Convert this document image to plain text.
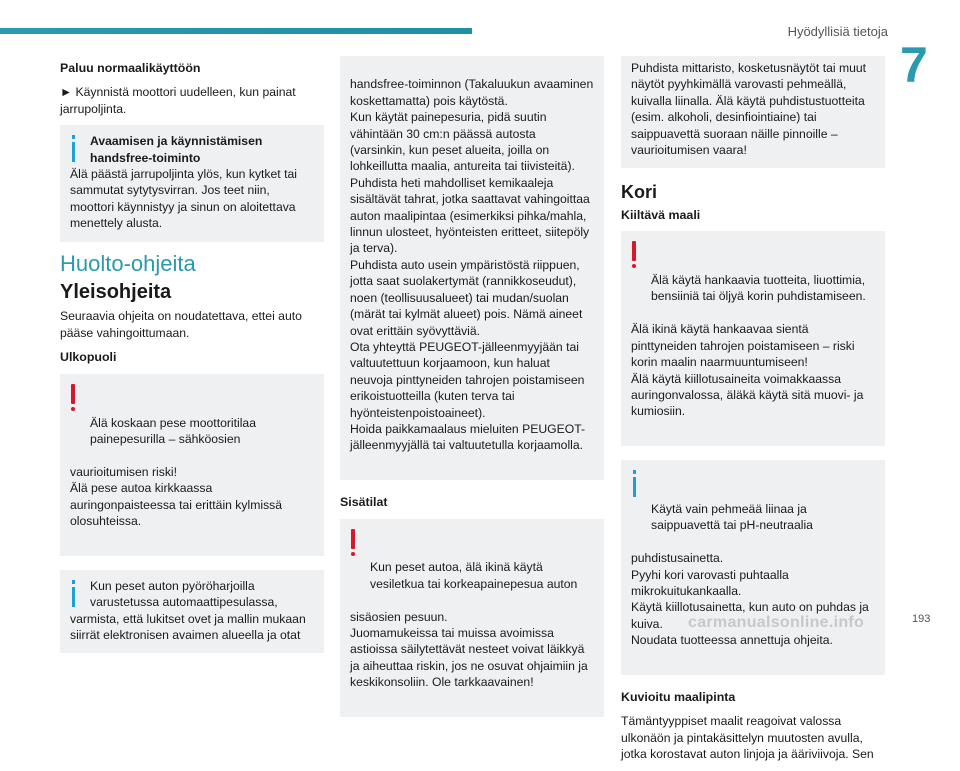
Hyödyllisiä tietoja
7

Paluu normaalikäyttöön

► Käynnistä moottori uudelleen, kun painat jarrupoljinta.

Avaamisen ja käynnistämisen handsfree-toiminto
Älä päästä jarrupoljinta ylös, kun kytket tai sammutat sytytysvirran. Jos teet niin, moottori käynnistyy ja sinun on aloitettava menettely alusta.
Huolto-ohjeita
Yleisohjeita

Seuraavia ohjeita on noudatettava, ettei auto pääse vahingoittumaan.

Ulkopuoli

Älä koskaan pese moottoritilaa painepesurilla – sähköosien

vaurioitumisen riski!
Älä pese autoa kirkkaassa auringonpaisteessa tai erittäin kylmissä olosuhteissa.

Kun peset auton pyöröharjoilla varustetussa automaattipesulassa,
varmista, että lukitset ovet ja mallin mukaan siirrät elektronisen avaimen alueella ja otat

handsfree-toiminnon (Takaluukun avaaminen koskettamatta) pois käytöstä.
Kun käytät painepesuria, pidä suutin vähintään 30 cm:n päässä autosta (varsinkin, kun peset alueita, joilla on lohkeillutta maalia, antureita tai tiivisteitä).
Puhdista heti mahdolliset kemikaaleja sisältävät tahrat, jotka saattavat vahingoittaa auton maalipintaa (esimerkiksi pihka/mahla, linnun ulosteet, hyönteisten eritteet, siitepöly ja terva).
Puhdista auto usein ympäristöstä riippuen, jotta saat suolakertymät (rannikkoseudut), noen (teollisuusalueet) tai mudan/suolan (märät tai kylmät alueet) pois. Nämä aineet ovat erittäin syövyttäviä.
Ota yhteyttä PEUGEOT-jälleenmyyjään tai valtuutettuun korjaamoon, kun haluat neuvoja pinttyneiden tahrojen poistamiseen erikoistuotteilla (kuten terva tai hyönteistenpoistoaineet).
Hoida paikkamaalaus mieluiten PEUGEOT-jälleenmyyjällä tai valtuutetulla korjaamolla.

Sisätilat

Kun peset autoa, älä ikinä käytä vesiletkua tai korkeapainepesua auton

sisäosien pesuun.
Juomamukeissa tai muissa avoimissa astioissa säilytettävät nesteet voivat läikkyä ja aiheuttaa riskin, jos ne osuvat ohjaimiin ja keskikonsoliin. Ole tarkkaavainen!

Puhdista mittaristo, kosketusnäytöt tai muut näytöt pyyhkimällä varovasti pehmeällä, kuivalla liinalla. Älä käytä puhdistustuotteita (esim. alkoholi, desinfiointiaine) tai saippuavettä suoraan näille pinnoille – vaurioitumisen vaara!
Kori

Kiiltävä maali

Älä käytä hankaavia tuotteita, liuottimia, bensiiniä tai öljyä korin puhdistamiseen.

Älä ikinä käytä hankaavaa sientä pinttyneiden tahrojen poistamiseen – riski korin maalin naarmuuntumiseen!
Älä käytä kiillotusaineita voimakkaassa auringonvalossa, äläkä käytä sitä muovi- ja kumiosiin.

Käytä vain pehmeää liinaa ja saippuavettä tai pH-neutraalia

puhdistusainetta.
Pyyhi kori varovasti puhtaalla mikrokuitukankaalla.
Käytä kiillotusainetta, kun auto on puhdas ja kuiva.
Noudata tuotteessa annettuja ohjeita.

Kuvioitu maalipinta

Tämäntyyppiset maalit reagoivat valossa ulkonäön ja pintakäsittelyn muutosten avulla, jotka korostavat auton linjoja ja ääriviivoja. Sen

carmanualsonline.info	193
